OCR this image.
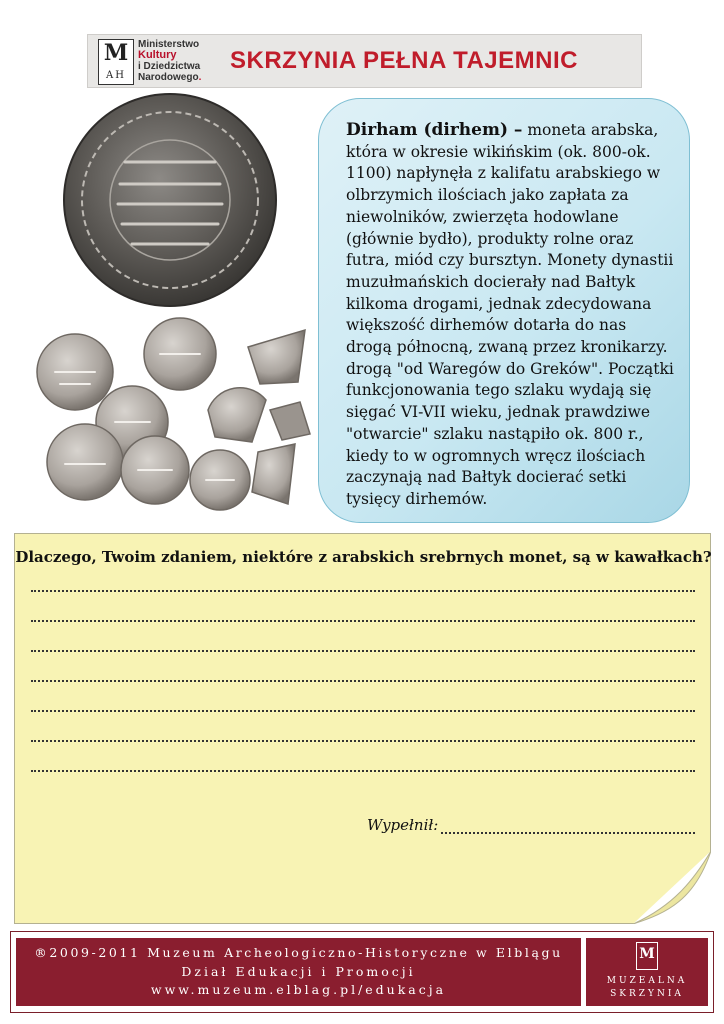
M
AH
Ministerstwo
Kultury
i Dziedzictwa
Narodowego.
SKRZYNIA PEŁNA TAJEMNIC
Dirham (dirhem) – moneta arabska,
która w okresie wikińskim (ok. 800-ok.
1100) napłynęła z kalifatu arabskiego w
olbrzymich ilościach jako zapłata za
niewolników, zwierzęta hodowlane
(głównie bydło), produkty rolne oraz
futra, miód czy bursztyn. Monety dynastii
muzułmańskich docierały nad Bałtyk
kilkoma drogami, jednak zdecydowana
większość dirhemów dotarła do nas
drogą północną, zwaną przez kronikarzy.
drogą "od Waregów do Greków". Początki
funkcjonowania tego szlaku wydają się
sięgać VI-VII wieku, jednak prawdziwe
"otwarcie" szlaku nastąpiło ok. 800 r.,
kiedy to w ogromnych wręcz ilościach
zaczynają nad Bałtyk docierać setki
tysięcy dirhemów.
Dlaczego, Twoim zdaniem, niektóre z arabskich srebrnych monet, są w kawałkach?
Wypełnił:
®2009-2011 Muzeum Archeologiczno-Historyczne w Elblągu
Dział Edukacji i Promocji
www.muzeum.elblag.pl/edukacja
M
MUZEALNA
SKRZYNIA
